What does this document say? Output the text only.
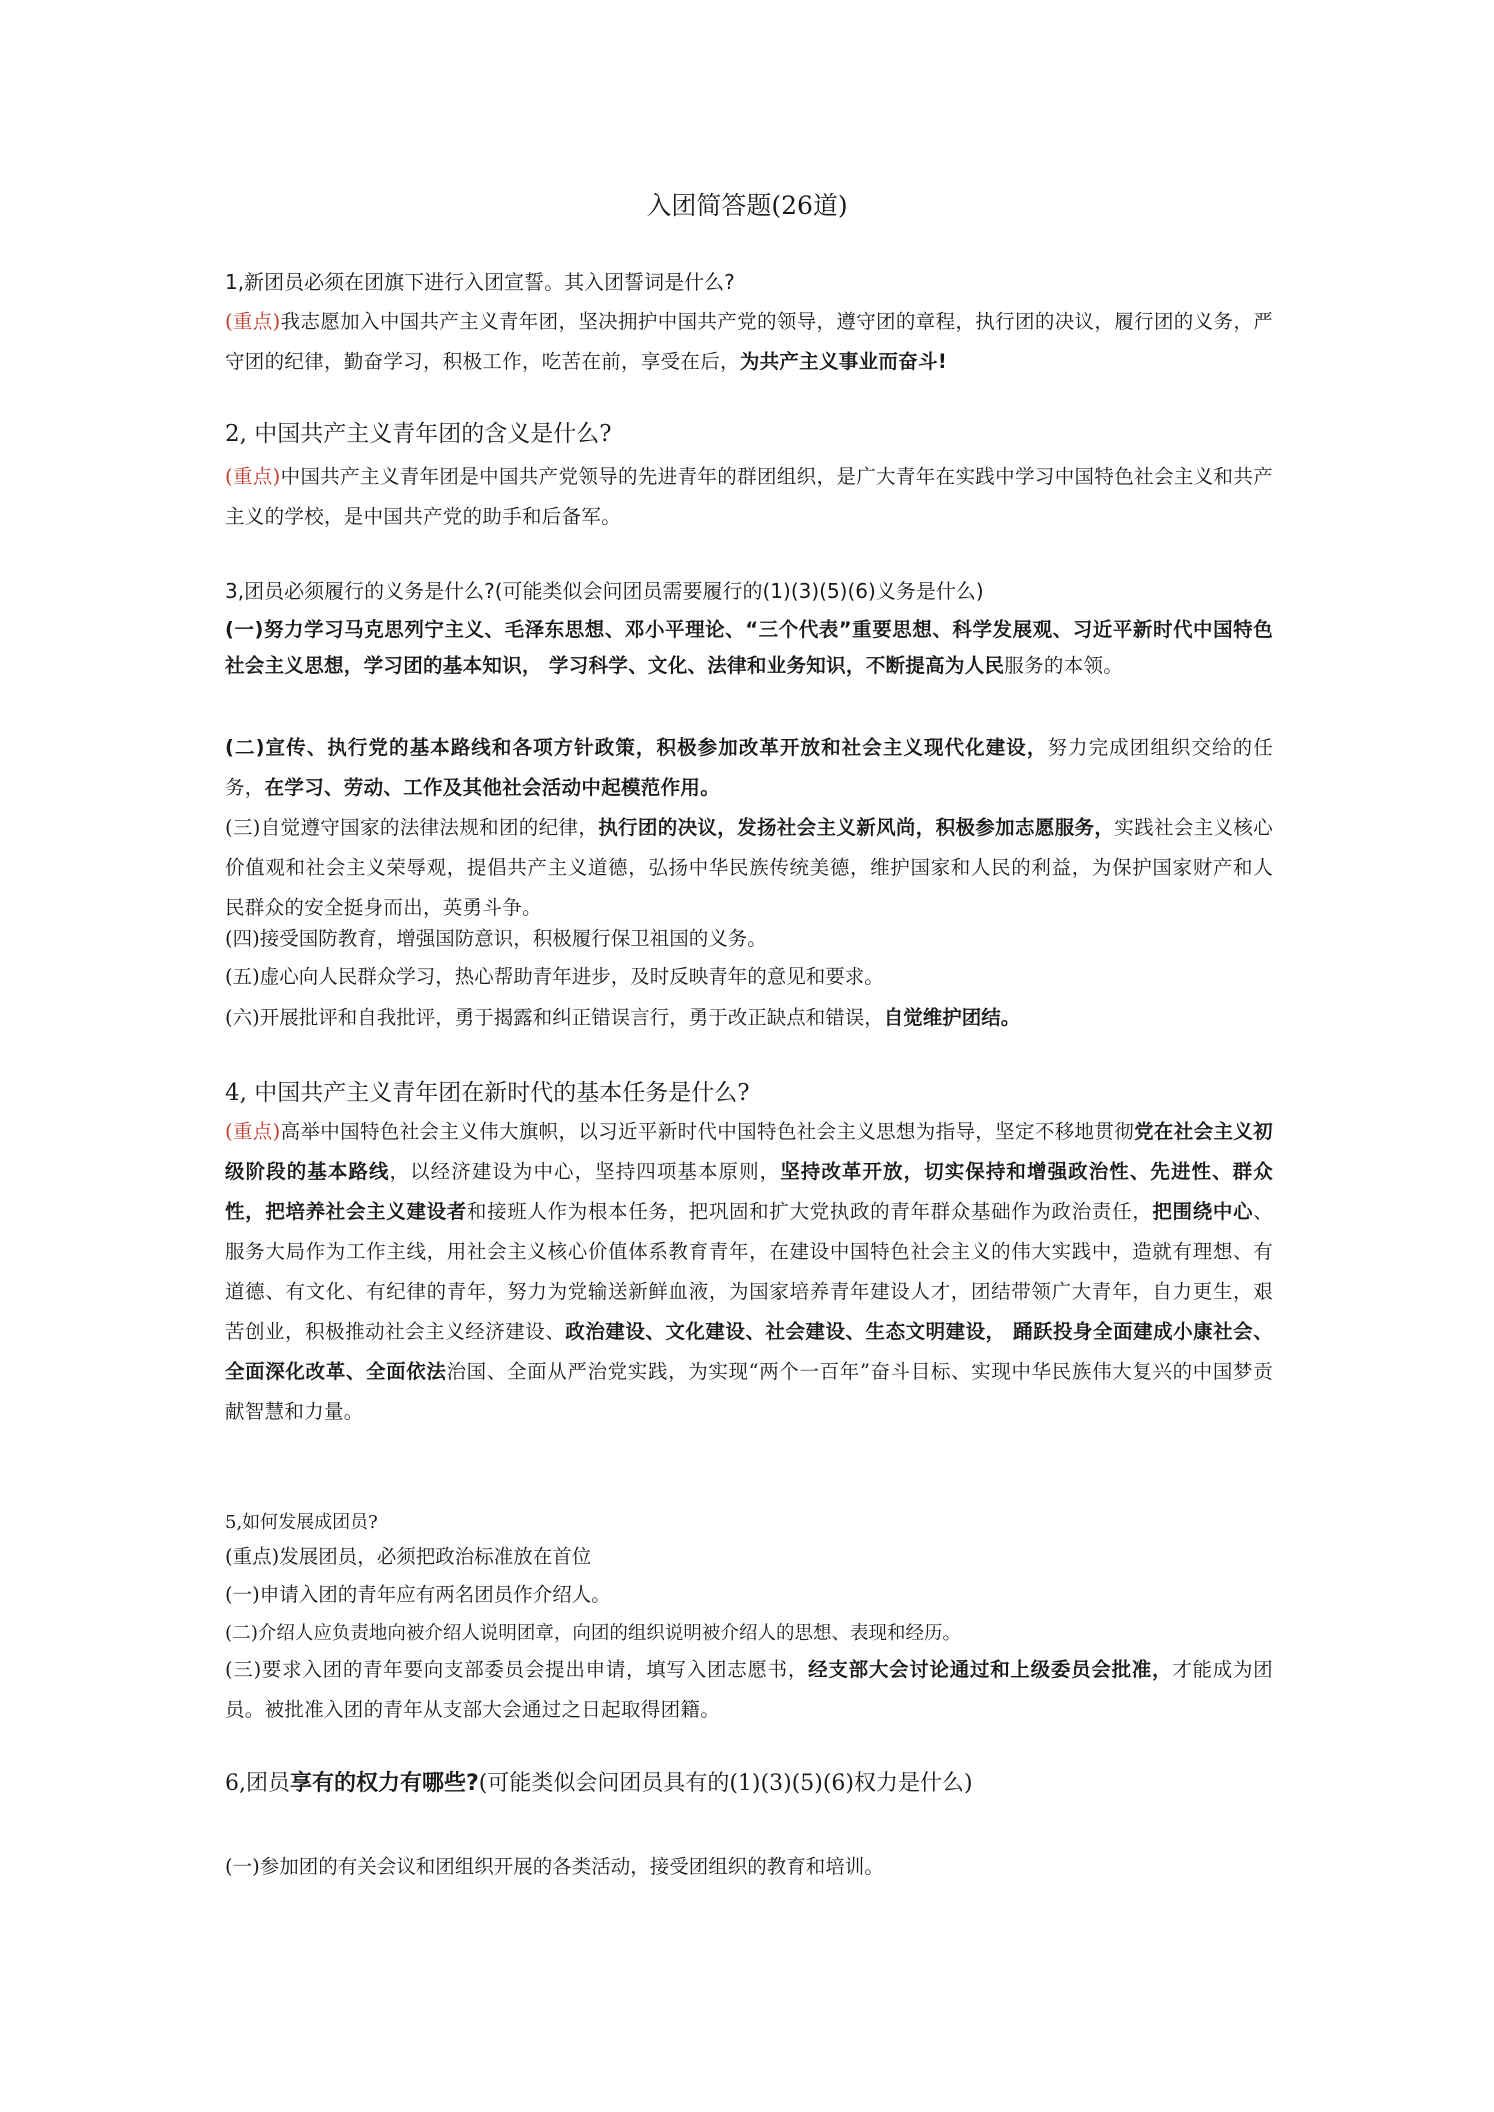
入团简答题(26道)
1,新团员必须在团旗下进行入团宣誓。其入团誓词是什么?
(重点)我志愿加入中国共产主义青年团，坚决拥护中国共产党的领导，遵守团的章程，执行团的决议，履行团的义务，严守团的纪律，勤奋学习，积极工作，吃苦在前，享受在后，为共产主义事业而奋斗!
2, 中国共产主义青年团的含义是什么?
(重点)中国共产主义青年团是中国共产党领导的先进青年的群团组织，是广大青年在实践中学习中国特色社会主义和共产主义的学校，是中国共产党的助手和后备军。
3,团员必须履行的义务是什么?(可能类似会问团员需要履行的(1)(3)(5)(6)义务是什么)
(一)努力学习马克思列宁主义、毛泽东思想、邓小平理论、“三个代表”重要思想、科学发展观、习近平新时代中国特色社会主义思想，学习团的基本知识， 学习科学、文化、法律和业务知识，不断提高为人民服务的本领。
(二)宣传、执行党的基本路线和各项方针政策，积极参加改革开放和社会主义现代化建设，努力完成团组织交给的任务，在学习、劳动、工作及其他社会活动中起模范作用。
(三)自觉遵守国家的法律法规和团的纪律，执行团的决议，发扬社会主义新风尚，积极参加志愿服务，实践社会主义核心价值观和社会主义荣辱观，提倡共产主义道德，弘扬中华民族传统美德，维护国家和人民的利益，为保护国家财产和人民群众的安全挺身而出，英勇斗争。
(四)接受国防教育，增强国防意识，积极履行保卫祖国的义务。
(五)虚心向人民群众学习，热心帮助青年进步，及时反映青年的意见和要求。
(六)开展批评和自我批评，勇于揭露和纠正错误言行，勇于改正缺点和错误，自觉维护团结。
4, 中国共产主义青年团在新时代的基本任务是什么?
(重点)高举中国特色社会主义伟大旗帜，以习近平新时代中国特色社会主义思想为指导，坚定不移地贯彻党在社会主义初级阶段的基本路线，以经济建设为中心，坚持四项基本原则，坚持改革开放，切实保持和增强政治性、先进性、群众性，把培养社会主义建设者和接班人作为根本任务，把巩固和扩大党执政的青年群众基础作为政治责任，把围绕中心、服务大局作为工作主线，用社会主义核心价值体系教育青年，在建设中国特色社会主义的伟大实践中，造就有理想、有道德、有文化、有纪律的青年，努力为党输送新鲜血液，为国家培养青年建设人才，团结带领广大青年，自力更生，艰苦创业，积极推动社会主义经济建设、政治建设、文化建设、社会建设、生态文明建设， 踊跃投身全面建成小康社会、全面深化改革、全面依法治国、全面从严治党实践，为实现“两个一百年”奋斗目标、实现中华民族伟大复兴的中国梦贡献智慧和力量。
5,如何发展成团员?
(重点)发展团员，必须把政治标准放在首位
(一)申请入团的青年应有两名团员作介绍人。
(二)介绍人应负责地向被介绍人说明团章，向团的组织说明被介绍人的思想、表现和经历。
(三)要求入团的青年要向支部委员会提出申请，填写入团志愿书，经支部大会讨论通过和上级委员会批准，才能成为团员。被批准入团的青年从支部大会通过之日起取得团籍。
6,团员享有的权力有哪些?(可能类似会问团员具有的(1)(3)(5)(6)权力是什么)
(一)参加团的有关会议和团组织开展的各类活动，接受团组织的教育和培训。
